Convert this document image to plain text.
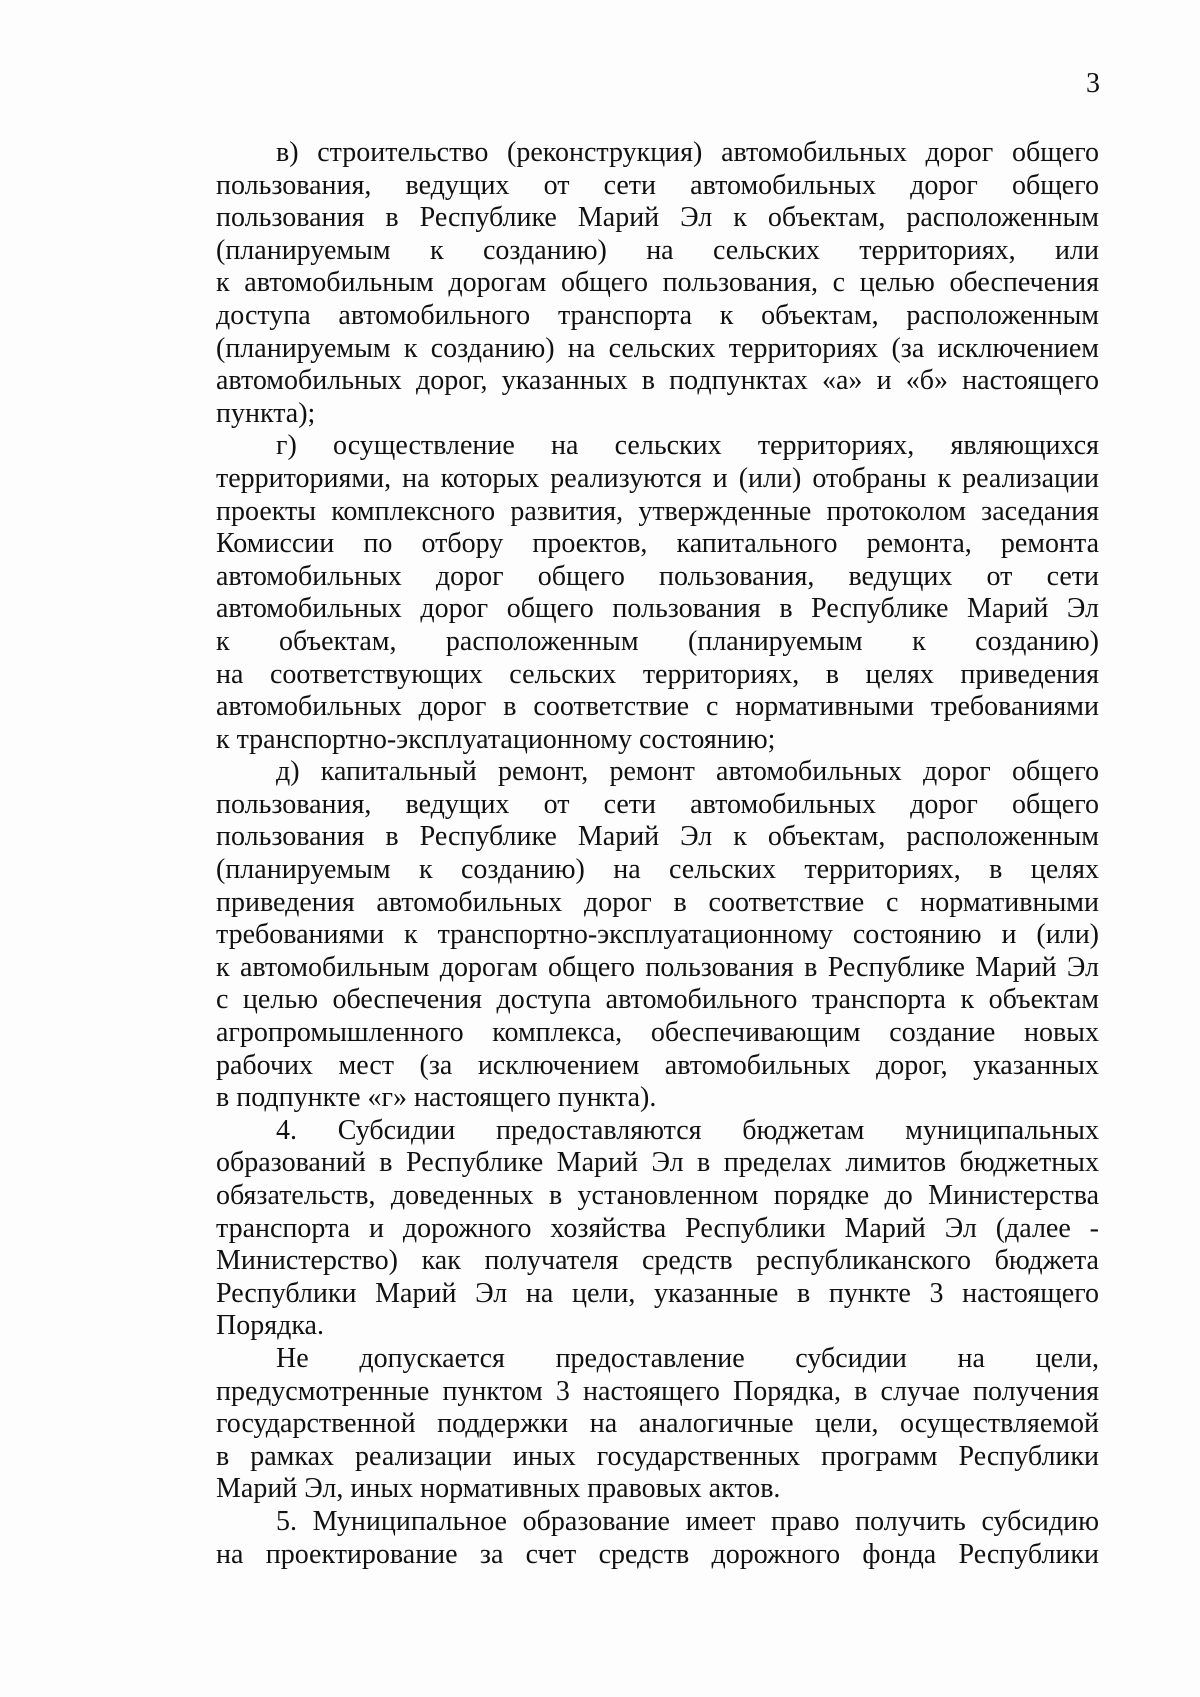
3
в) строительство (реконструкция) автомобильных дорог общего
пользования, ведущих от сети автомобильных дорог общего
пользования в Республике Марий Эл к объектам, расположенным
(планируемым к созданию) на сельских территориях, или
к автомобильным дорогам общего пользования, с целью обеспечения
доступа автомобильного транспорта к объектам, расположенным
(планируемым к созданию) на сельских территориях (за исключением
автомобильных дорог, указанных в подпунктах «а» и «б» настоящего
пункта);
г) осуществление на сельских территориях, являющихся
территориями, на которых реализуются и (или) отобраны к реализации
проекты комплексного развития, утвержденные протоколом заседания
Комиссии по отбору проектов, капитального ремонта, ремонта
автомобильных дорог общего пользования, ведущих от сети
автомобильных дорог общего пользования в Республике Марий Эл
к объектам, расположенным (планируемым к созданию)
на соответствующих сельских территориях, в целях приведения
автомобильных дорог в соответствие с нормативными требованиями
к транспортно-эксплуатационному состоянию;
д) капитальный ремонт, ремонт автомобильных дорог общего
пользования, ведущих от сети автомобильных дорог общего
пользования в Республике Марий Эл к объектам, расположенным
(планируемым к созданию) на сельских территориях, в целях
приведения автомобильных дорог в соответствие с нормативными
требованиями к транспортно-эксплуатационному состоянию и (или)
к автомобильным дорогам общего пользования в Республике Марий Эл
с целью обеспечения доступа автомобильного транспорта к объектам
агропромышленного комплекса, обеспечивающим создание новых
рабочих мест (за исключением автомобильных дорог, указанных
в подпункте «г» настоящего пункта).
4. Субсидии предоставляются бюджетам муниципальных
образований в Республике Марий Эл в пределах лимитов бюджетных
обязательств, доведенных в установленном порядке до Министерства
транспорта и дорожного хозяйства Республики Марий Эл (далее -
Министерство) как получателя средств республиканского бюджета
Республики Марий Эл на цели, указанные в пункте 3 настоящего
Порядка.
Не допускается предоставление субсидии на цели,
предусмотренные пунктом 3 настоящего Порядка, в случае получения
государственной поддержки на аналогичные цели, осуществляемой
в рамках реализации иных государственных программ Республики
Марий Эл, иных нормативных правовых актов.
5. Муниципальное образование имеет право получить субсидию
на проектирование за счет средств дорожного фонда Республики
